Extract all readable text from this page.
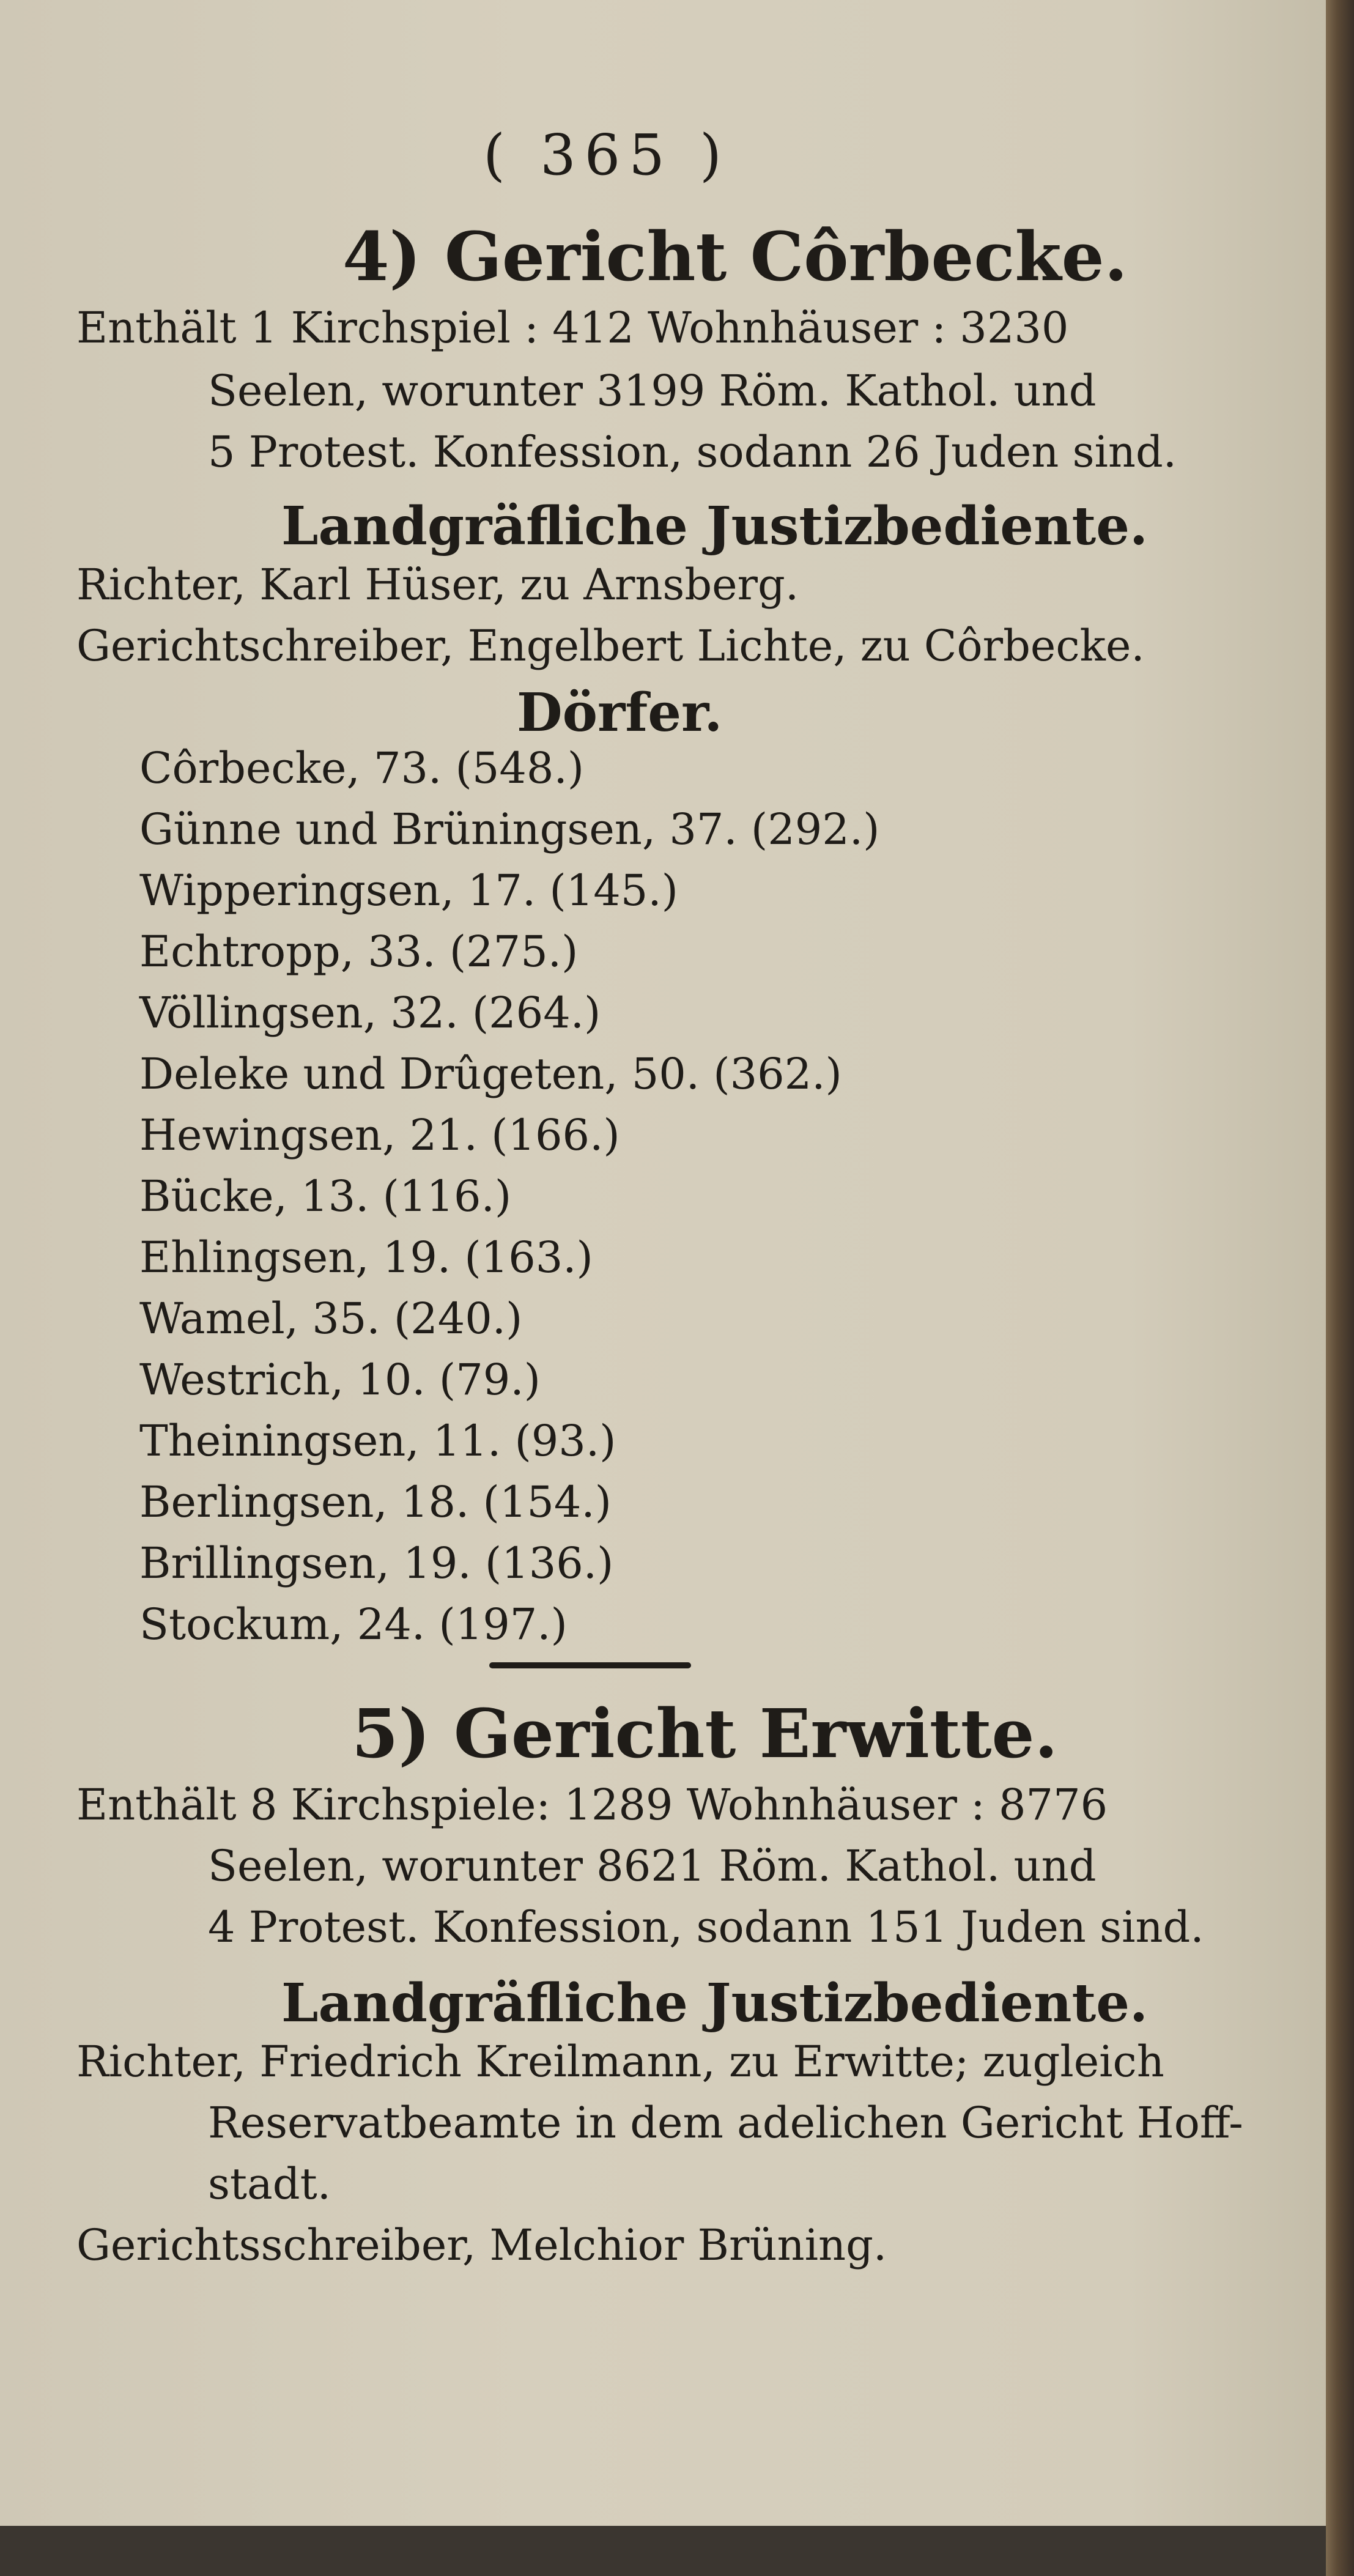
( 365 )
4) Gericht Côrbecke.
Enthält 1 Kirchspiel : 412 Wohnhäuser : 3230
Seelen, worunter 3199 Röm. Kathol. und
5 Protest. Konfession, sodann 26 Juden sind.
Landgräfliche Justizbediente.
Richter, Karl Hüser, zu Arnsberg.
Gerichtschreiber, Engelbert Lichte, zu Côrbecke.
Dörfer.
Côrbecke, 73. (548.)
Günne und Brüningsen, 37. (292.)
Wipperingsen, 17. (145.)
Echtropp, 33. (275.)
Völlingsen, 32. (264.)
Deleke und Drûgeten, 50. (362.)
Hewingsen, 21. (166.)
Bücke, 13. (116.)
Ehlingsen, 19. (163.)
Wamel, 35. (240.)
Westrich, 10. (79.)
Theiningsen, 11. (93.)
Berlingsen, 18. (154.)
Brillingsen, 19. (136.)
Stockum, 24. (197.)
5) Gericht Erwitte.
Enthält 8 Kirchspiele: 1289 Wohnhäuser : 8776
Seelen, worunter 8621 Röm. Kathol. und
4 Protest. Konfession, sodann 151 Juden sind.
Landgräfliche Justizbediente.
Richter, Friedrich Kreilmann, zu Erwitte; zugleich
Reservatbeamte in dem adelichen Gericht Hoff-
stadt.
Gerichtsschreiber, Melchior Brüning.
